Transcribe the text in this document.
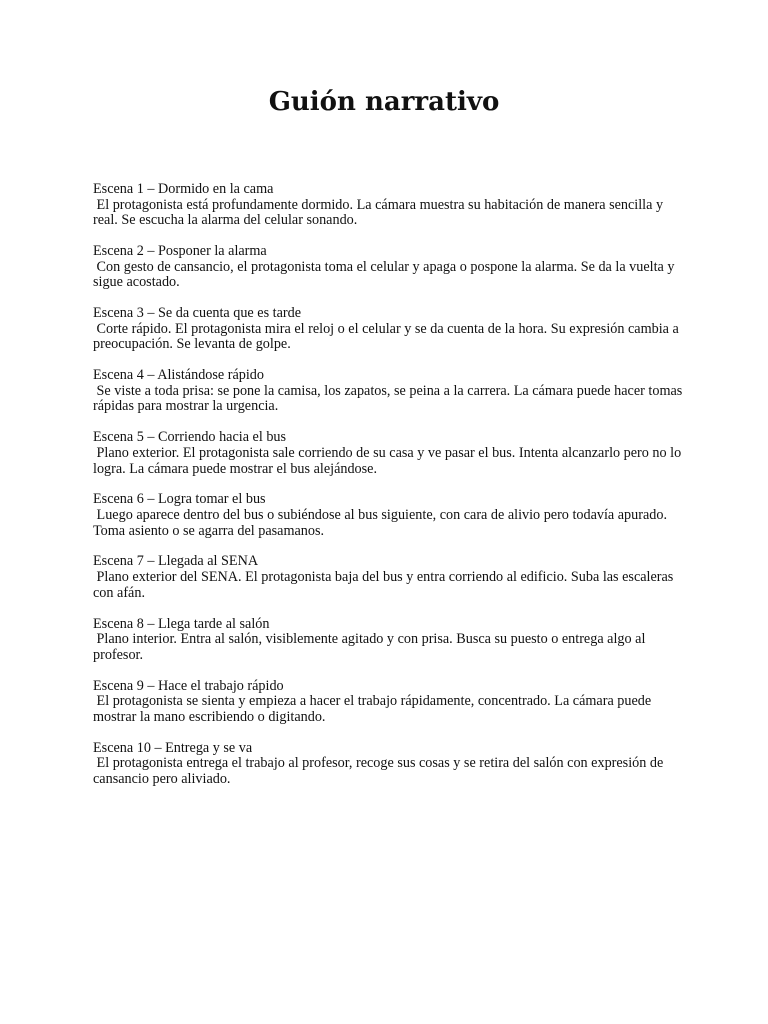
Guión narrativo
Escena 1 – Dormido en la cama
El protagonista está profundamente dormido. La cámara muestra su habitación de manera sencilla y real. Se escucha la alarma del celular sonando.
Escena 2 – Posponer la alarma
Con gesto de cansancio, el protagonista toma el celular y apaga o pospone la alarma. Se da la vuelta y sigue acostado.
Escena 3 – Se da cuenta que es tarde
Corte rápido. El protagonista mira el reloj o el celular y se da cuenta de la hora. Su expresión cambia a preocupación. Se levanta de golpe.
Escena 4 – Alistándose rápido
Se viste a toda prisa: se pone la camisa, los zapatos, se peina a la carrera. La cámara puede hacer tomas rápidas para mostrar la urgencia.
Escena 5 – Corriendo hacia el bus
Plano exterior. El protagonista sale corriendo de su casa y ve pasar el bus. Intenta alcanzarlo pero no lo logra. La cámara puede mostrar el bus alejándose.
Escena 6 – Logra tomar el bus
Luego aparece dentro del bus o subiéndose al bus siguiente, con cara de alivio pero todavía apurado. Toma asiento o se agarra del pasamanos.
Escena 7 – Llegada al SENA
Plano exterior del SENA. El protagonista baja del bus y entra corriendo al edificio. Suba las escaleras con afán.
Escena 8 – Llega tarde al salón
Plano interior. Entra al salón, visiblemente agitado y con prisa. Busca su puesto o entrega algo al profesor.
Escena 9 – Hace el trabajo rápido
El protagonista se sienta y empieza a hacer el trabajo rápidamente, concentrado. La cámara puede mostrar la mano escribiendo o digitando.
Escena 10 – Entrega y se va
El protagonista entrega el trabajo al profesor, recoge sus cosas y se retira del salón con expresión de cansancio pero aliviado.
